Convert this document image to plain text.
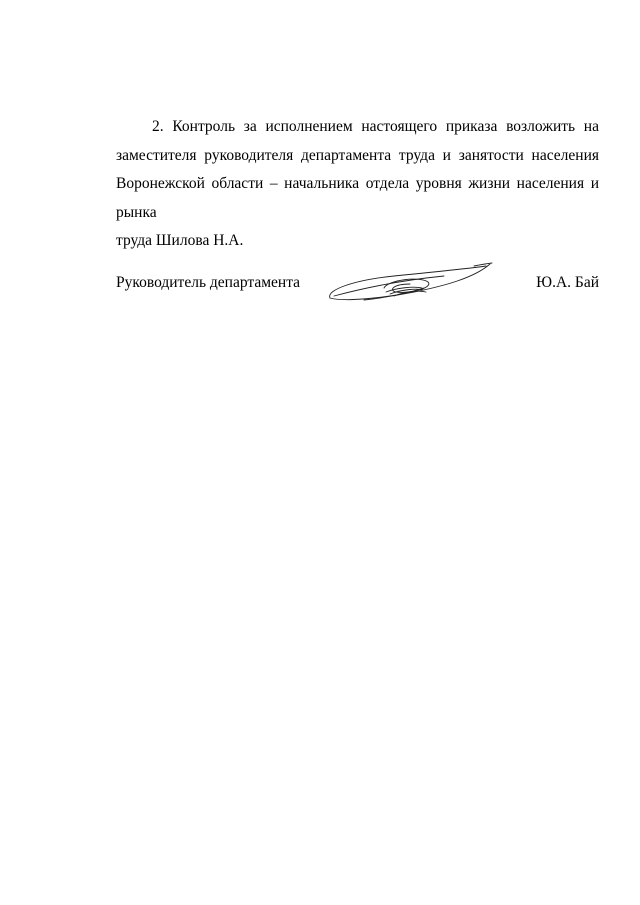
2. Контроль за исполнением настоящего приказа возложить на
заместителя руководителя департамента труда и занятости населения
Воронежской области – начальника отдела уровня жизни населения и рынка
труда Шилова Н.А.
Руководитель департамента	Ю.А. Бай
